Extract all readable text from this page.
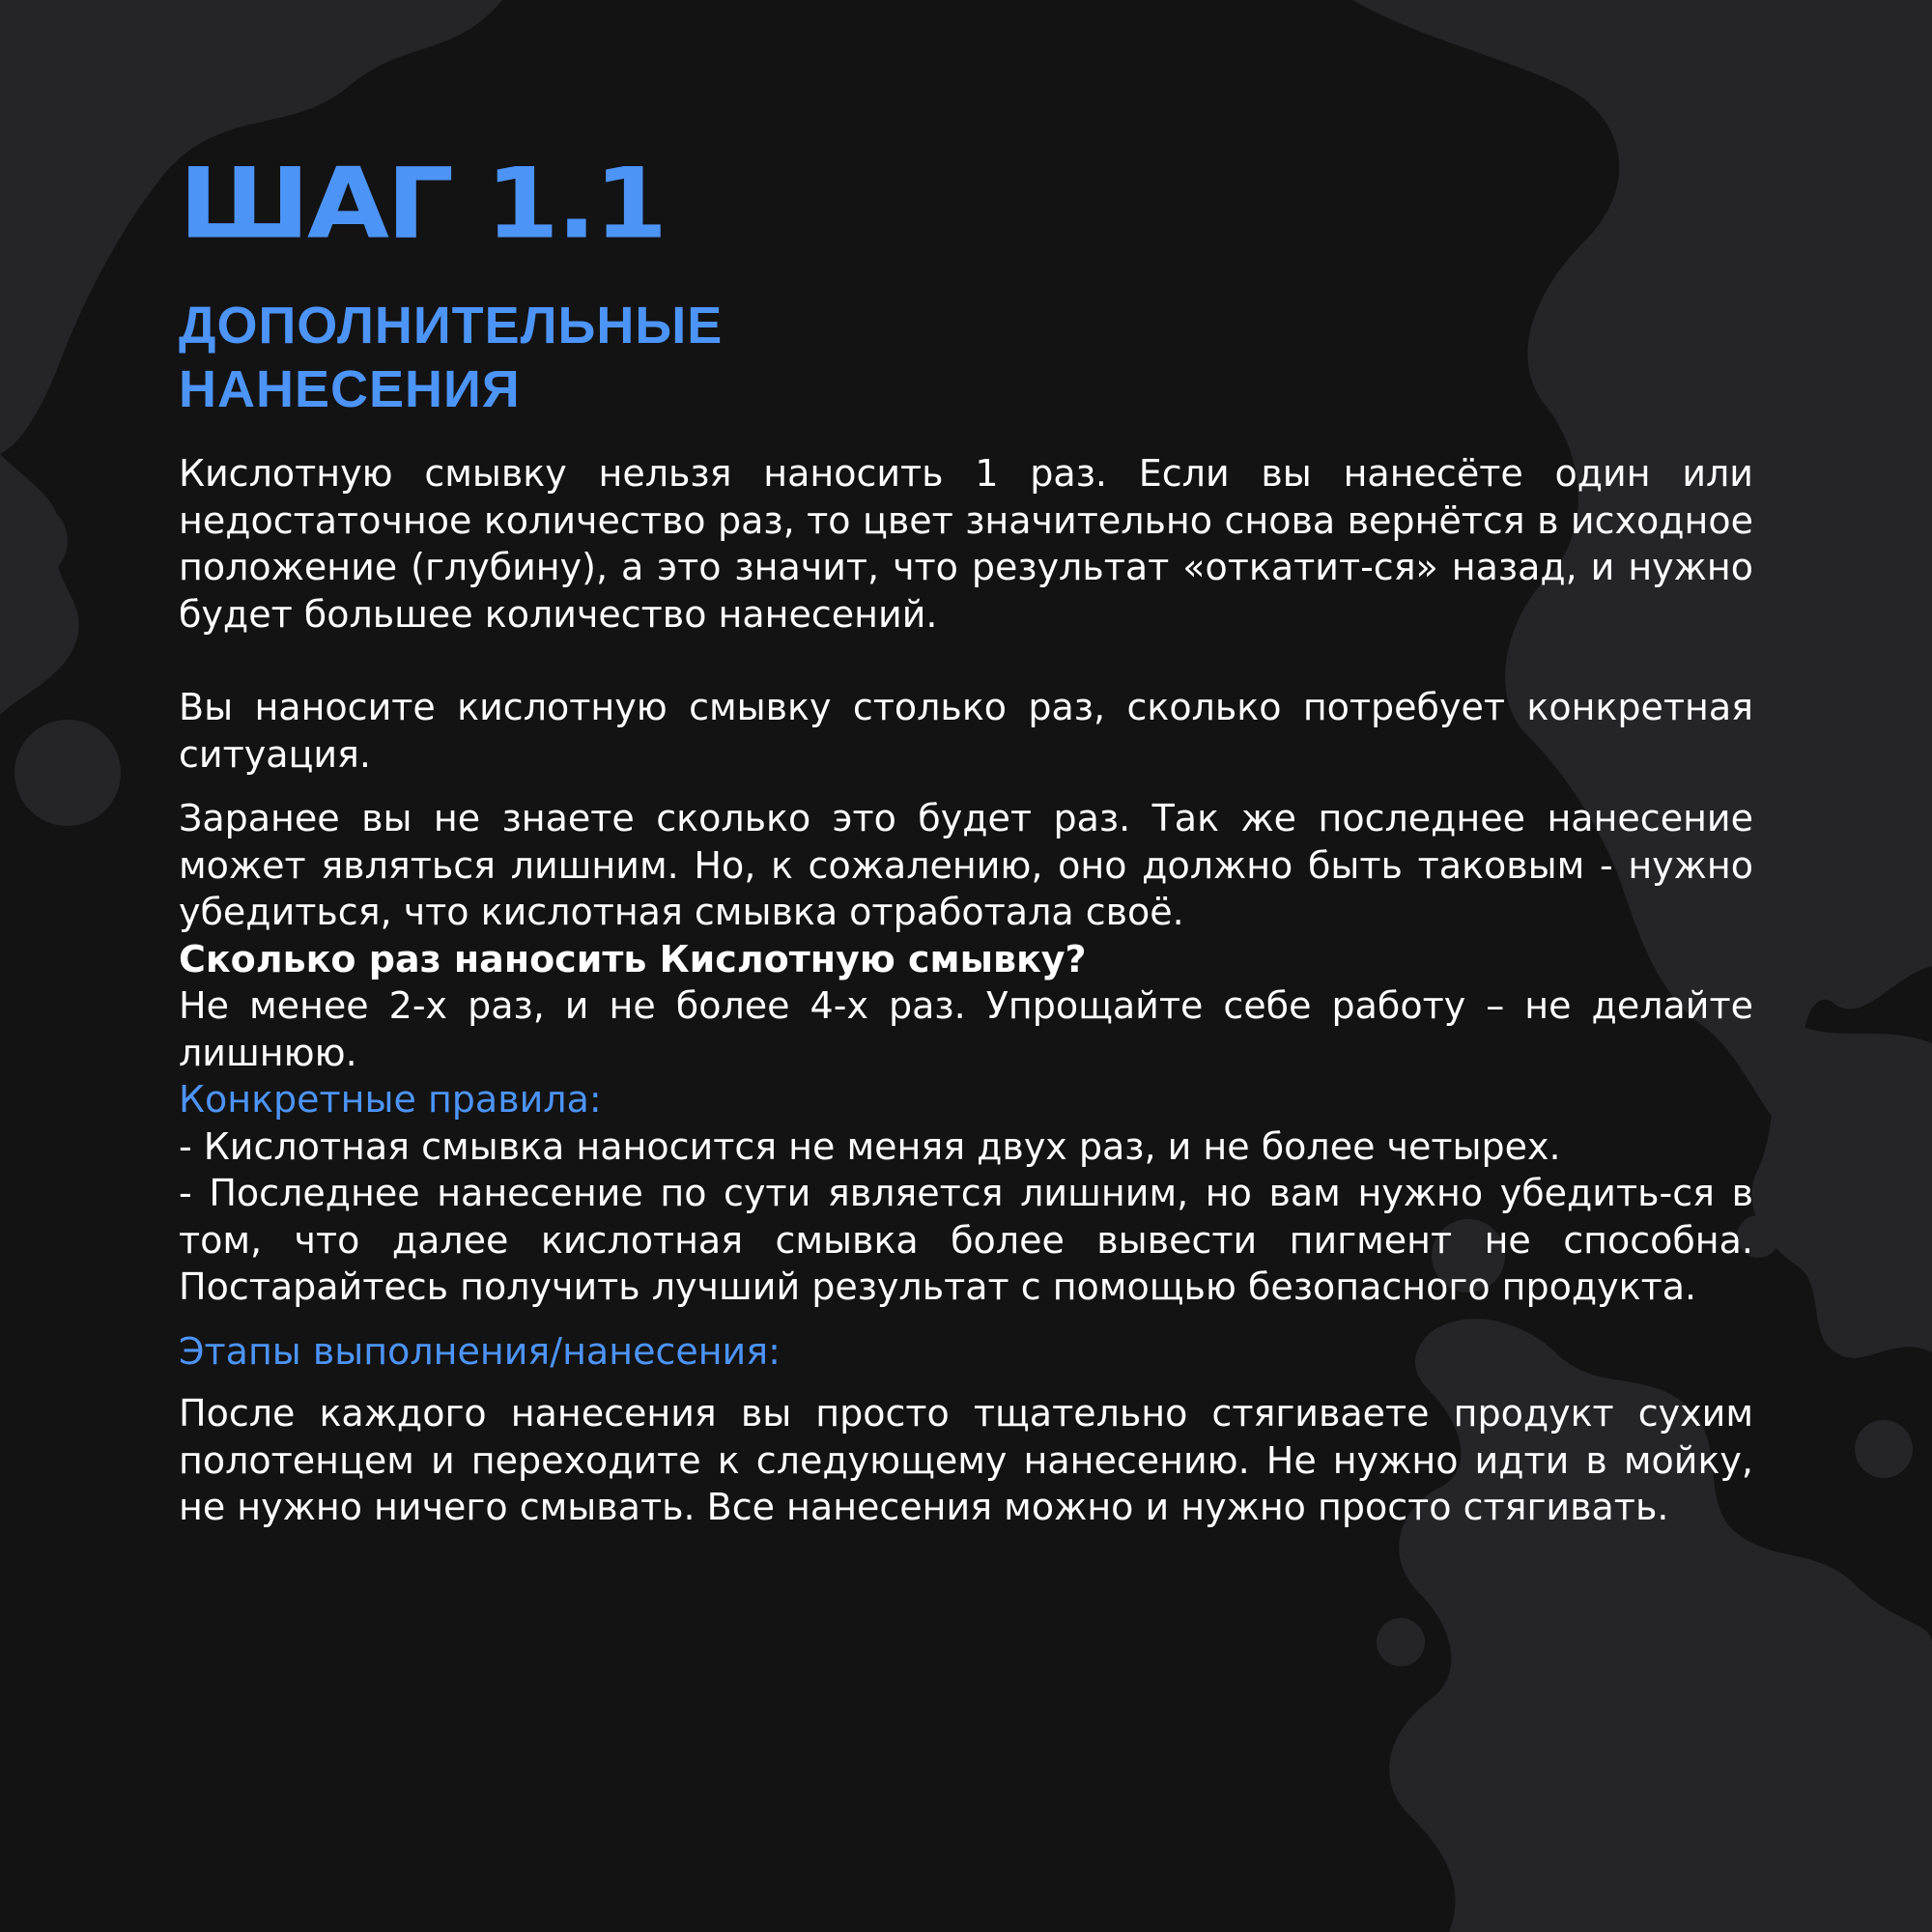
ШАГ 1.1
ДОПОЛНИТЕЛЬНЫЕ
НАНЕСЕНИЯ

Кислотную смывку нельзя наносить 1 раз. Если вы нанесёте один или недостаточное количество раз, то цвет значительно снова вернётся в исходное положение (глубину), а это значит, что результат «откатит-ся» назад, и нужно будет большее количество нанесений.

Вы наносите кислотную смывку столько раз, сколько потребует конкретная ситуация.

Заранее вы не знаете сколько это будет раз. Так же последнее нанесение может являться лишним. Но, к сожалению, оно должно быть таковым - нужно убедиться, что кислотная смывка отработала своё.

Сколько раз наносить Кислотную смывку?

Не менее 2-х раз, и не более 4-х раз. Упрощайте себе работу – не делайте лишнюю.

Конкретные правила:

- Кислотная смывка наносится не меняя двух раз, и не более четырех.

- Последнее нанесение по сути является лишним, но вам нужно убедить-ся в том, что далее кислотная смывка более вывести пигмент не способна. Постарайтесь получить лучший результат с помощью безопасного продукта.

Этапы выполнения/нанесения:

После каждого нанесения вы просто тщательно стягиваете продукт сухим полотенцем и переходите к следующему нанесению. Не нужно идти в мойку, не нужно ничего смывать. Все нанесения можно и нужно просто стягивать.
